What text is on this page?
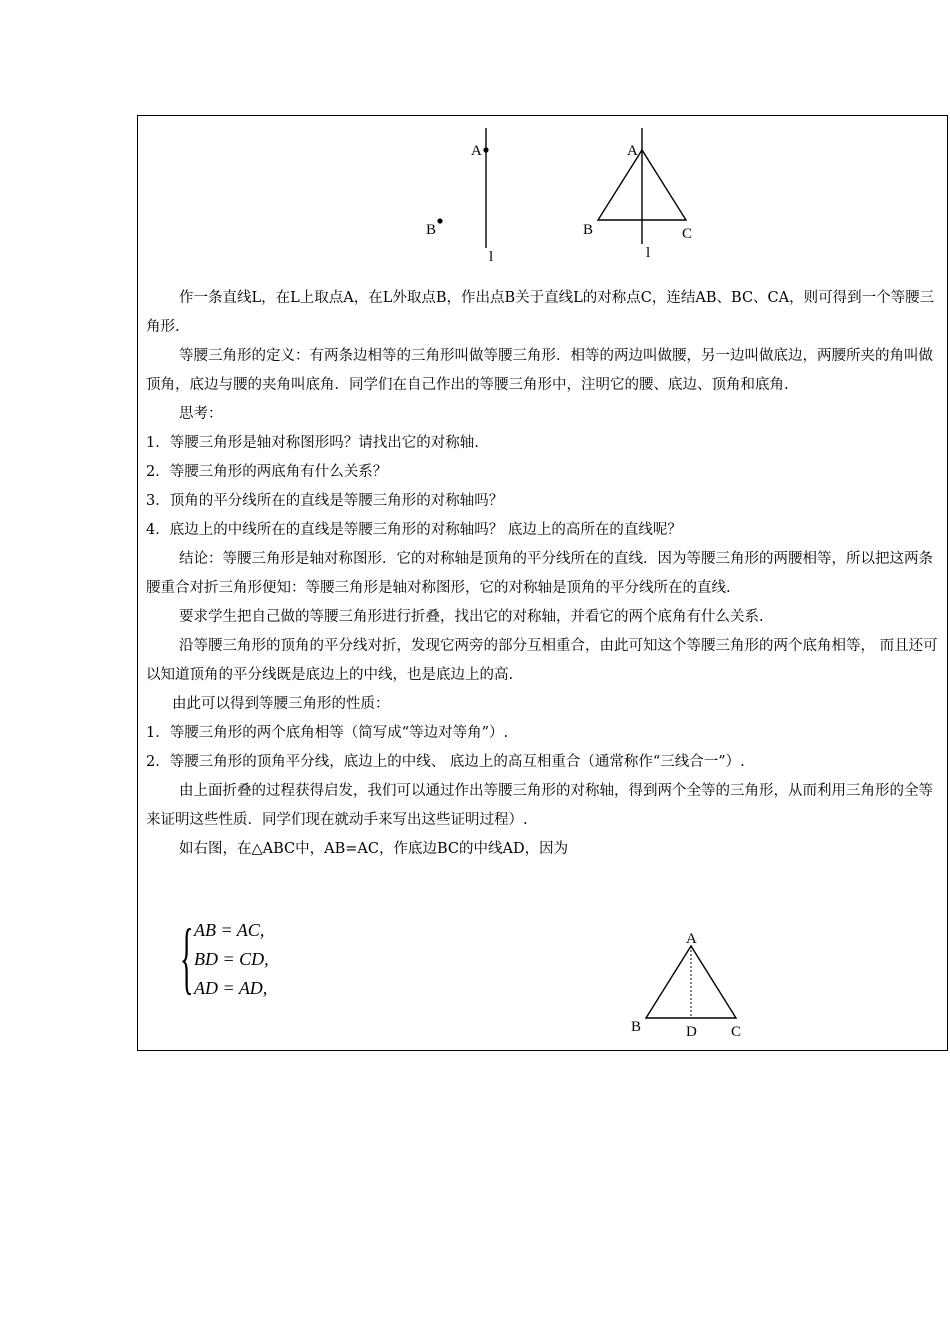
A
B
l
A
B	C
l

作一条直线L，在L上取点A，在L外取点B，作出点B关于直线L的对称点C，连结AB、BC、CA，则可得到一个等腰三角形.

等腰三角形的定义：有两条边相等的三角形叫做等腰三角形．相等的两边叫做腰，另一边叫做底边，两腰所夹的角叫做顶角，底边与腰的夹角叫底角．同学们在自己作出的等腰三角形中，注明它的腰、底边、顶角和底角.

思考：

1．等腰三角形是轴对称图形吗？请找出它的对称轴.

2．等腰三角形的两底角有什么关系？

3．顶角的平分线所在的直线是等腰三角形的对称轴吗？

4．底边上的中线所在的直线是等腰三角形的对称轴吗？ 底边上的高所在的直线呢？

结论：等腰三角形是轴对称图形．它的对称轴是顶角的平分线所在的直线．因为等腰三角形的两腰相等，所以把这两条腰重合对折三角形便知：等腰三角形是轴对称图形，它的对称轴是顶角的平分线所在的直线.

要求学生把自己做的等腰三角形进行折叠，找出它的对称轴，并看它的两个底角有什么关系.

沿等腰三角形的顶角的平分线对折，发现它两旁的部分互相重合，由此可知这个等腰三角形的两个底角相等， 而且还可以知道顶角的平分线既是底边上的中线，也是底边上的高.

由此可以得到等腰三角形的性质：

1．等腰三角形的两个底角相等（简写成“等边对等角”）.

2．等腰三角形的顶角平分线，底边上的中线、 底边上的高互相重合（通常称作“三线合一”）.

由上面折叠的过程获得启发，我们可以通过作出等腰三角形的对称轴，得到两个全等的三角形，从而利用三角形的全等来证明这些性质．同学们现在就动手来写出这些证明过程）.

如右图，在△ABC中，AB=AC，作底边BC的中线AD，因为

{ AB = AC,
BD = CD,
AD = AD,
A
B	D C
